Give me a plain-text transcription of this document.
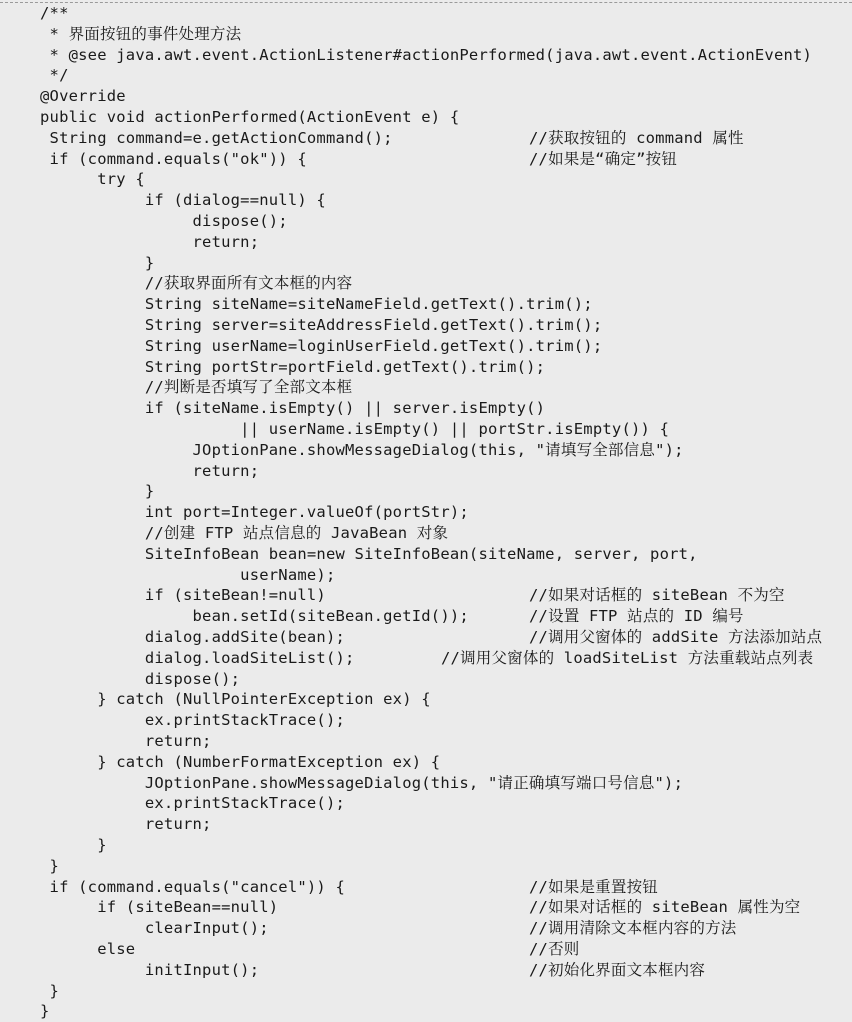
/**
* 界面按钮的事件处理方法
* @see java.awt.event.ActionListener#actionPerformed(java.awt.event.ActionEvent)
*/
@Override
public void actionPerformed(ActionEvent e) {
String command=e.getActionCommand();	//获取按钮的 command 属性
if (command.equals("ok")) {	//如果是“确定”按钮
try {
if (dialog==null) {
dispose();
return;
}
//获取界面所有文本框的内容
String siteName=siteNameField.getText().trim();
String server=siteAddressField.getText().trim();
String userName=loginUserField.getText().trim();
String portStr=portField.getText().trim();
//判断是否填写了全部文本框
if (siteName.isEmpty() || server.isEmpty()
|| userName.isEmpty() || portStr.isEmpty()) {
JOptionPane.showMessageDialog(this, "请填写全部信息");
return;
}
int port=Integer.valueOf(portStr);
//创建 FTP 站点信息的 JavaBean 对象
SiteInfoBean bean=new SiteInfoBean(siteName, server, port,
userName);
if (siteBean!=null)	//如果对话框的 siteBean 不为空
bean.setId(siteBean.getId());	//设置 FTP 站点的 ID 编号
dialog.addSite(bean);	//调用父窗体的 addSite 方法添加站点
dialog.loadSiteList();	//调用父窗体的 loadSiteList 方法重载站点列表
dispose();
} catch (NullPointerException ex) {
ex.printStackTrace();
return;
} catch (NumberFormatException ex) {
JOptionPane.showMessageDialog(this, "请正确填写端口号信息");
ex.printStackTrace();
return;
}
}
if (command.equals("cancel")) {	//如果是重置按钮
if (siteBean==null)	//如果对话框的 siteBean 属性为空
clearInput();	//调用清除文本框内容的方法
else	//否则
initInput();	//初始化界面文本框内容
}
}
